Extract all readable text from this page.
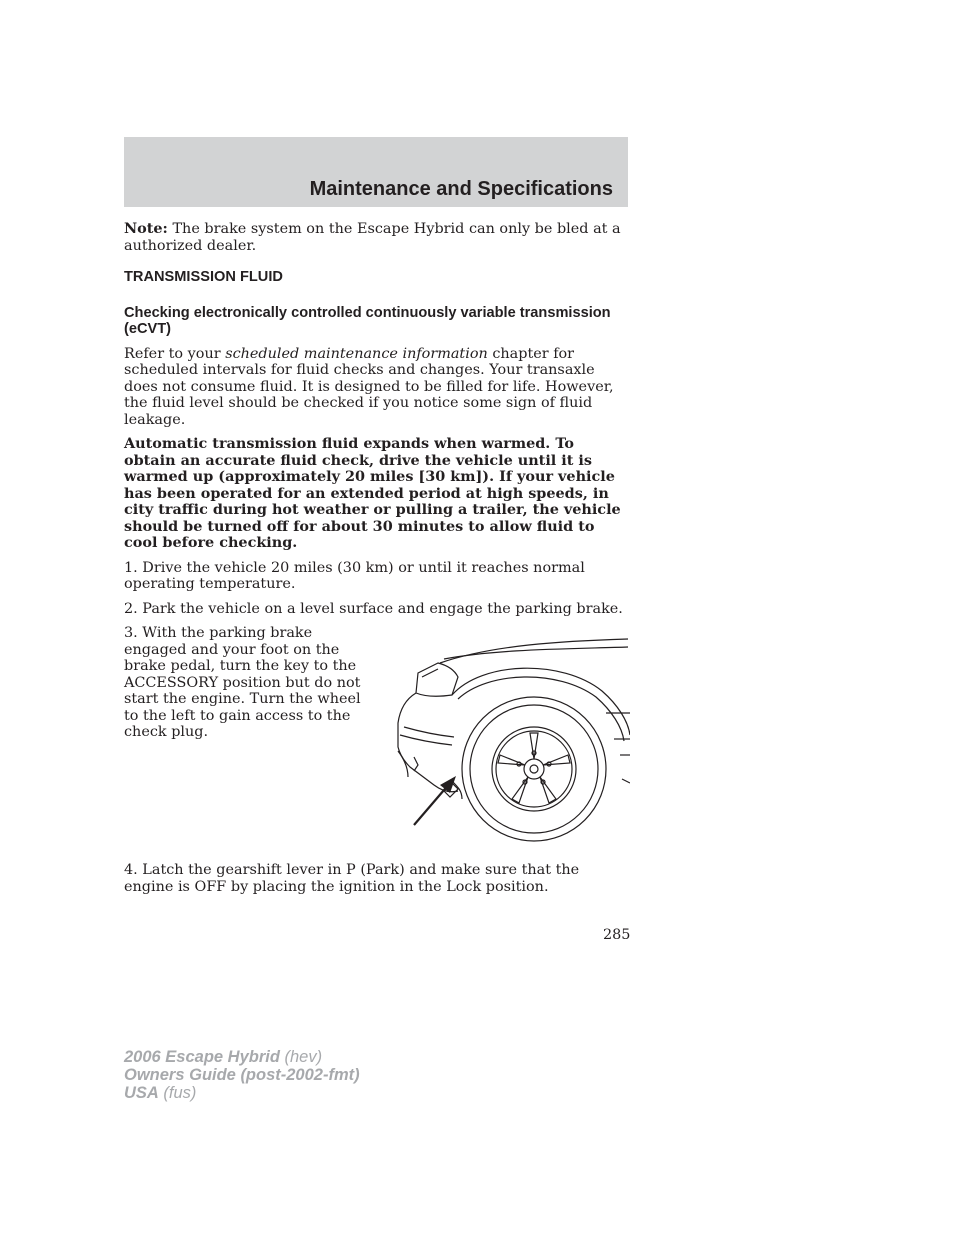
Maintenance and Specifications

Note: The brake system on the Escape Hybrid can only be bled at a authorized dealer.

TRANSMISSION FLUID
Checking electronically controlled continuously variable transmission (eCVT)

Refer to your scheduled maintenance information chapter for scheduled intervals for fluid checks and changes. Your transaxle does not consume fluid. It is designed to be filled for life. However, the fluid level should be checked if you notice some sign of fluid leakage.

Automatic transmission fluid expands when warmed. To obtain an accurate fluid check, drive the vehicle until it is warmed up (approximately 20 miles [30 km]). If your vehicle has been operated for an extended period at high speeds, in city traffic during hot weather or pulling a trailer, the vehicle should be turned off for about 30 minutes to allow fluid to cool before checking.

1. Drive the vehicle 20 miles (30 km) or until it reaches normal operating temperature.

2. Park the vehicle on a level surface and engage the parking brake.

3. With the parking brake engaged and your foot on the brake pedal, turn the key to the ACCESSORY position but do not start the engine. Turn the wheel to the left to gain access to the check plug.

4. Latch the gearshift lever in P (Park) and make sure that the engine is OFF by placing the ignition in the Lock position.

285
2006 Escape Hybrid (hev)
Owners Guide (post-2002-fmt)
USA (fus)
